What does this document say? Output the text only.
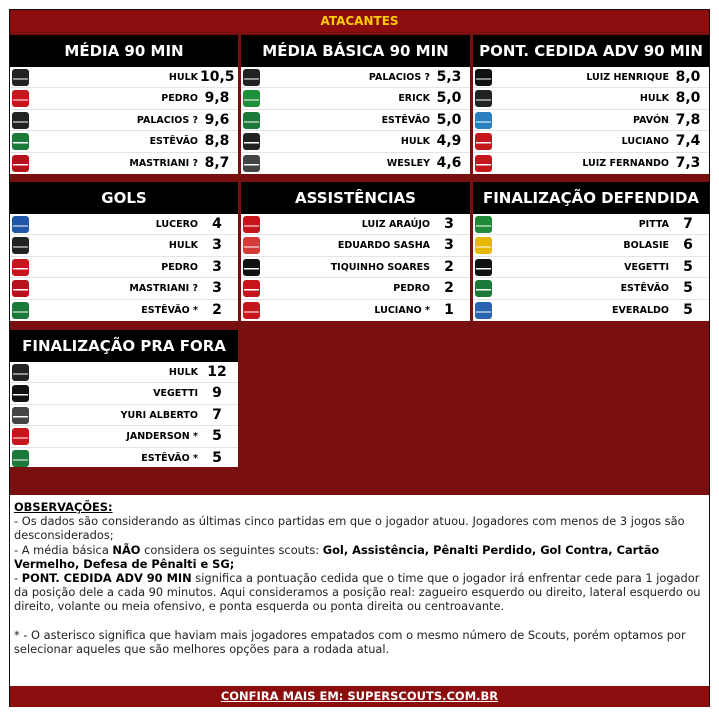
ATACANTES
MÉDIA 90 MIN
HULK 10,5
PEDRO 9,8
PALACIOS ? 9,6
ESTÊVÃO 8,8
MASTRIANI ? 8,7
MÉDIA BÁSICA 90 MIN
PALACIOS ? 5,3
ERICK 5,0
ESTÊVÃO 5,0
HULK 4,9
WESLEY 4,6
PONT. CEDIDA ADV 90 MIN
LUIZ HENRIQUE 8,0
HULK 8,0
PAVÓN 7,8
LUCIANO 7,4
LUIZ FERNANDO 7,3
GOLS
LUCERO	4
HULK	3
PEDRO	3
MASTRIANI ?	3
ESTÊVÃO *	2
ASSISTÊNCIAS
LUIZ ARAÚJO	3
EDUARDO SASHA	3
TIQUINHO SOARES	2
PEDRO	2
LUCIANO *	1
FINALIZAÇÃO DEFENDIDA
PITTA	7
BOLASIE	6
VEGETTI	5
ESTÊVÃO	5
EVERALDO	5
FINALIZAÇÃO PRA FORA
HULK 12
VEGETTI	9
YURI ALBERTO	7
JANDERSON *	5
ESTÊVÃO *	5
OBSERVAÇÕES:

- Os dados são considerando as últimas cinco partidas em que o jogador atuou. Jogadores com menos de 3 jogos são desconsiderados;

- A média básica NÃO considera os seguintes scouts: Gol, Assistência, Pênalti Perdido, Gol Contra, Cartão Vermelho, Defesa de Pênalti e SG;

- PONT. CEDIDA ADV 90 MIN significa a pontuação cedida que o time que o jogador irá enfrentar cede para 1 jogador da posição dele a cada 90 minutos. Aqui consideramos a posição real: zagueiro esquerdo ou direito, lateral esquerdo ou direito, volante ou meia ofensivo, e ponta esquerda ou ponta direita ou centroavante.

* - O asterisco significa que haviam mais jogadores empatados com o mesmo número de Scouts, porém optamos por selecionar aqueles que são melhores opções para a rodada atual.

CONFIRA MAIS EM: SUPERSCOUTS.COM.BR
